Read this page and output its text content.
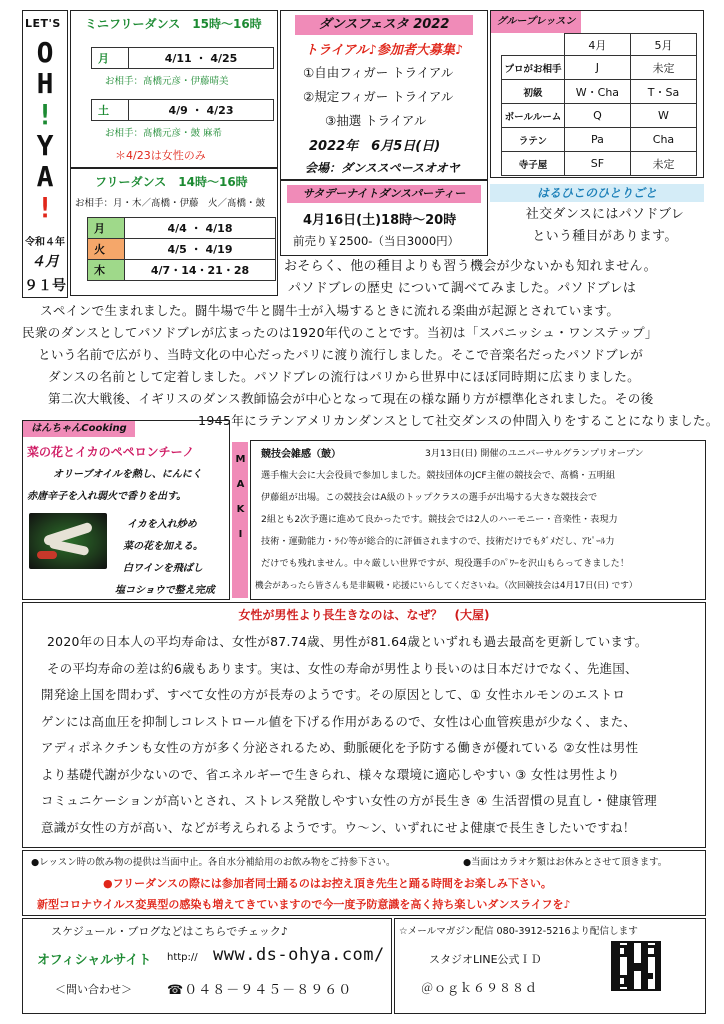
LET'S
O
H
!
Y
A
!
令和４年
４月
９１号
ミニフリーダンス　15時～16時
月	4/11 ・ 4/25
お相手：髙橋元彦・伊藤晴美
土	4/9 ・ 4/23
お相手：髙橋元彦・皷 麻希
＊4/23は女性のみ
フリーダンス　14時～16時
お相手：月・木／髙橋・伊藤　火／髙橋・皷
月	4/4 ・ 4/18
火	4/5 ・ 4/19
木	4/7・14・21・28
ダンスフェスタ 2022
トライアル♪参加者大募集♪
①自由フィガー トライアル
②規定フィガー トライアル
③抽選 トライアル
2022年　6月5日(日)
会場：ダンススペースオオヤ
サタデーナイトダンスパーティー
4月16日(土)18時～20時
前売り￥2500-（当日3000円）
グループレッスン
	4月	5月
プロがお相手	J	未定
初級	W・Cha	T・Sa
ボールルーム	Q	W
ラテン	Pa	Cha
寺子屋	SF	未定
はるひこのひとりごと

社交ダンスにはパソドブレ

という種目があります。

おそらく、他の種目よりも習う機会が少ないかも知れません。

パソドブレの歴史 について調べてみました。パソドブレは

スペインで生まれました。闘牛場で牛と闘牛士が入場するときに流れる楽曲が起源とされています。

民衆のダンスとしてパソドブレが広まったのは1920年代のことです。当初は「スパニッシュ・ワンステップ」

という名前で広がり、当時文化の中心だったパリに渡り流行しました。そこで音楽名だったパソドブレが

ダンスの名前として定着しました。パソドブレの流行はパリから世界中にほぼ同時期に広まりました。

第二次大戦後、イギリスのダンス教師協会が中心となって現在の様な踊り方が標準化されました。その後

1945年にラテンアメリカンダンスとして社交ダンスの仲間入りをすることになりました。

はんちゃんCooking
菜の花とイカのペペロンチーノ
オリーブオイルを熱し、にんにく
赤唐辛子を入れ弱火で香りを出す。
イカを入れ炒め
菜の花を加える。
白ワインを飛ばし
塩コショウで整え完成
MAKI 競技会雑感（皷）	3月13日(日) 開催のユニバーサルグランプリオープン
選手権大会に大会役員で参加しました。競技団体のJCF主催の競技会で、髙橋・五明組
伊藤組が出場。この競技会はA級のトップクラスの選手が出場する大きな競技会で
2組とも2次予選に進めて良かったです。競技会では2人のハーモニー・音楽性・表現力
技術・運動能力・ﾗｲﾝ等が総合的に評価されますので、技術だけでもﾀﾞﾒだし、ｱﾋﾟｰﾙ力
だけでも残れません。中々厳しい世界ですが、現役選手のﾊﾟﾜｰを沢山もらってきました！
機会があったら皆さんも是非観戦・応援にいらしてくださいね。（次回競技会は4月17日(日) です）
女性が男性より長生きなのは、なぜ？　(大屋)

2020年の日本人の平均寿命は、女性が87.74歳、男性が81.64歳といずれも過去最高を更新しています。

その平均寿命の差は約6歳もあります。実は、女性の寿命が男性より長いのは日本だけでなく、先進国、

開発途上国を問わず、すべて女性の方が長寿のようです。その原因として、① 女性ホルモンのエストロ

ゲンには高血圧を抑制しコレストロール値を下げる作用があるので、女性は心血管疾患が少なく、また、

アディポネクチンも女性の方が多く分泌されるため、動脈硬化を予防する働きが優れている ②女性は男性

より基礎代謝が少ないので、省エネルギーで生きられ、様々な環境に適応しやすい ③ 女性は男性より

コミュニケーションが高いとされ、ストレス発散しやすい女性の方が長生き ④ 生活習慣の見直し・健康管理

意識が女性の方が高い、などが考えられるようです。ウ～ン、いずれにせよ健康で長生きしたいですね！

●レッスン時の飲み物の提供は当面中止。各自水分補給用のお飲み物をご持参下さい。	●当面はカラオケ類はお休みとさせて頂きます。
●フリーダンスの際には参加者同士踊るのはお控え頂き先生と踊る時間をお楽しみ下さい。
新型コロナウイルス変異型の感染も増えてきていますので今一度予防意識を高く持ち楽しいダンスライフを♪
スケジュール・ブログなどはこちらでチェック♪
オフィシャルサイト http:// www.ds-ohya.com/
＜問い合わせ＞	☎０４８－９４５－８９６０
☆メールマガジン配信 080-3912-5216より配信します
スタジオLINE公式ＩＤ
＠ｏｇｋ６９８８ｄ
